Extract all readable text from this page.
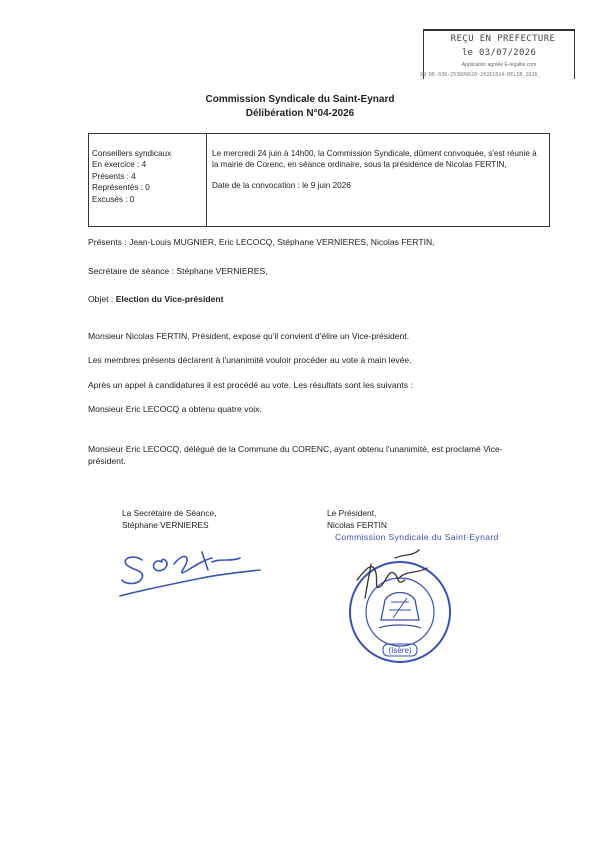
REÇU EN PREFECTURE
le 03/07/2026
Application agréée E-legalite.com
99_DE-038-253809620-20261024-DELIB_2026_
Commission Syndicale du Saint-Eynard
Délibération N°04-2026
Conseillers syndicaux
En exercice : 4
Présents : 4
Représentés : 0
Excusés : 0
Le mercredi 24 juin à 14h00, la Commission Syndicale, dûment convoquée, s'est réunie à la mairie de Corenc, en séance ordinaire, sous la présidence de Nicolas FERTIN,
Date de la convocation : le 9 juin 2026
Présents : Jean-Louis MUGNIER, Eric LECOCQ, Stéphane VERNIERES, Nicolas FERTIN,
Secrétaire de séance : Stéphane VERNIERES,
Objet : Election du Vice-président
Monsieur Nicolas FERTIN, Président, expose qu'il convient d'élire un Vice-président.
Les membres présents déclarent à l'unanimité vouloir procéder au vote à main levée.
Après un appel à candidatures il est procédé au vote. Les résultats sont les suivants :
Monsieur Eric LECOCQ a obtenu quatre voix.
Monsieur Eric LECOCQ, délégué de la Commune du CORENC, ayant obtenu l'unanimité, est proclamé Vice-président.
La Secrétaire de Séance,
Stéphane VERNIERES
Le Président,
Nicolas FERTIN
Commission Syndicale du Saint-Eynard
(Isère)
